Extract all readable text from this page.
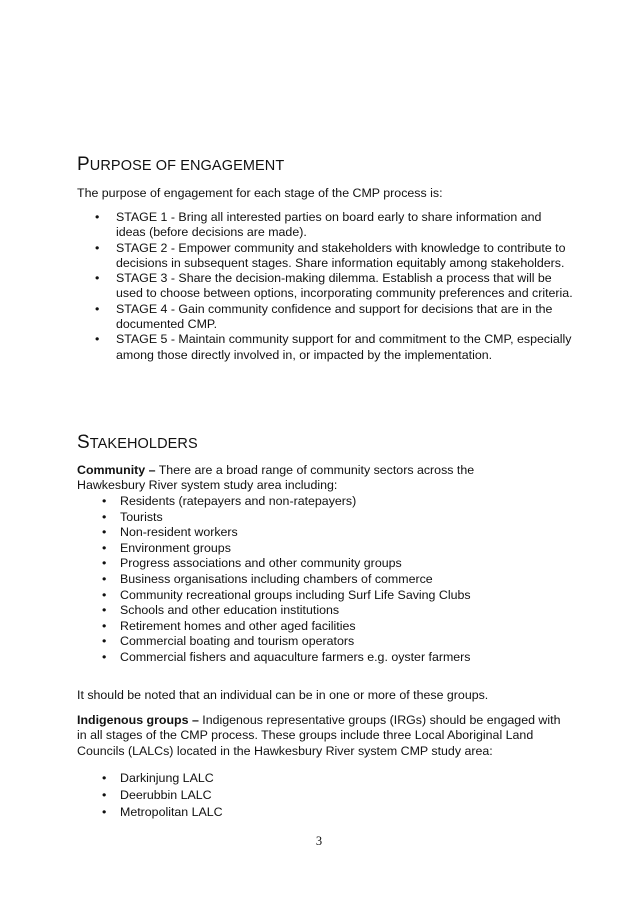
PURPOSE OF ENGAGEMENT

The purpose of engagement for each stage of the CMP process is:

• STAGE 1 - Bring all interested parties on board early to share information and ideas (before decisions are made).
• STAGE 2 - Empower community and stakeholders with knowledge to contribute to decisions in subsequent stages. Share information equitably among stakeholders.
• STAGE 3 - Share the decision-making dilemma. Establish a process that will be used to choose between options, incorporating community preferences and criteria.
• STAGE 4 - Gain community confidence and support for decisions that are in the documented CMP.
• STAGE 5 - Maintain community support for and commitment to the CMP, especially among those directly involved in, or impacted by the implementation.
STAKEHOLDERS

Community – There are a broad range of community sectors across the Hawkesbury River system study area including:

• Residents (ratepayers and non-ratepayers)
• Tourists
• Non-resident workers
• Environment groups
• Progress associations and other community groups
• Business organisations including chambers of commerce
• Community recreational groups including Surf Life Saving Clubs
• Schools and other education institutions
• Retirement homes and other aged facilities
• Commercial boating and tourism operators
• Commercial fishers and aquaculture farmers e.g. oyster farmers

It should be noted that an individual can be in one or more of these groups.

Indigenous groups – Indigenous representative groups (IRGs) should be engaged with in all stages of the CMP process. These groups include three Local Aboriginal Land Councils (LALCs) located in the Hawkesbury River system CMP study area:

• Darkinjung LALC
• Deerubbin LALC
• Metropolitan LALC
3
